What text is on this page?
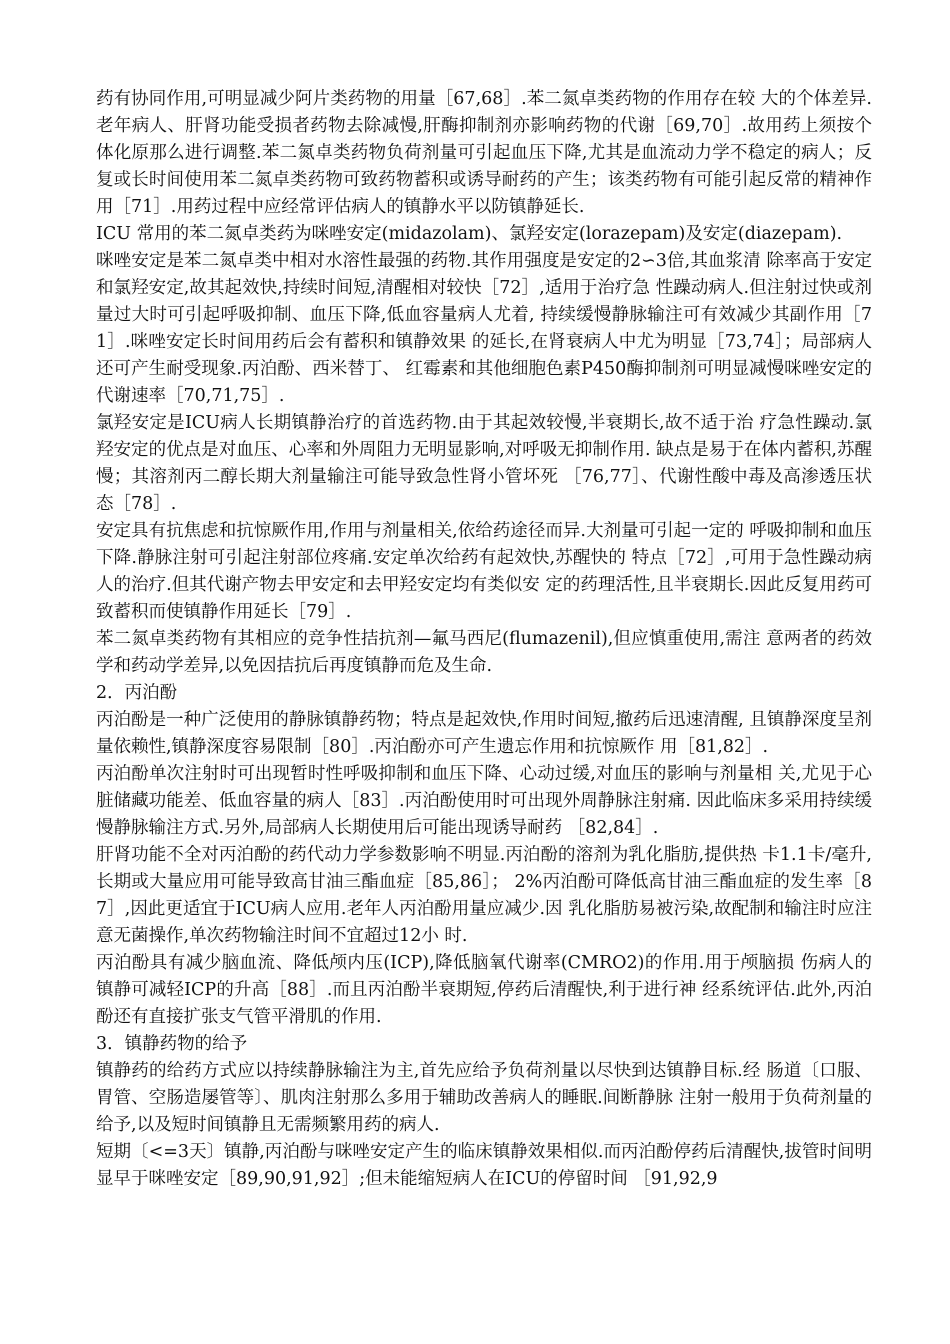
药有协同作用,可明显减少阿片类药物的用量［67,68］.苯二氮卓类药物的作用存在较 大的个体差异.老年病人、肝肾功能受损者药物去除减慢,肝酶抑制剂亦影响药物的代谢［69,70］.故用药上须按个体化原那么进行调整.苯二氮卓类药物负荷剂量可引起血压下降,尤其是血流动力学不稳定的病人；反复或长时间使用苯二氮卓类药物可致药物蓄积或诱导耐药的产生；该类药物有可能引起反常的精神作用［71］.用药过程中应经常评估病人的镇静水平以防镇静延长.

ICU 常用的苯二氮卓类药为咪唑安定(midazolam)、氯羟安定(lorazepam)及安定(diazepam).

咪唑安定是苯二氮卓类中相对水溶性最强的药物.其作用强度是安定的2∽3倍,其血浆清 除率高于安定和氯羟安定,故其起效快,持续时间短,清醒相对较快［72］,适用于治疗急 性躁动病人.但注射过快或剂量过大时可引起呼吸抑制、血压下降,低血容量病人尤着, 持续缓慢静脉输注可有效减少其副作用［71］.咪唑安定长时间用药后会有蓄积和镇静效果 的延长,在肾衰病人中尤为明显［73,74］；局部病人还可产生耐受现象.丙泊酚、西米替丁、 红霉素和其他细胞色素P450酶抑制剂可明显减慢咪唑安定的代谢速率［70,71,75］.

氯羟安定是ICU病人长期镇静治疗的首选药物.由于其起效较慢,半衰期长,故不适于治 疗急性躁动.氯羟安定的优点是对血压、心率和外周阻力无明显影响,对呼吸无抑制作用. 缺点是易于在体内蓄积,苏醒慢；其溶剂丙二醇长期大剂量输注可能导致急性肾小管坏死 ［76,77］、代谢性酸中毒及高渗透压状态［78］.

安定具有抗焦虑和抗惊厥作用,作用与剂量相关,依给药途径而异.大剂量可引起一定的 呼吸抑制和血压下降.静脉注射可引起注射部位疼痛.安定单次给药有起效快,苏醒快的 特点［72］,可用于急性躁动病人的治疗.但其代谢产物去甲安定和去甲羟安定均有类似安 定的药理活性,且半衰期长.因此反复用药可致蓄积而使镇静作用延长［79］.

苯二氮卓类药物有其相应的竞争性拮抗剂—氟马西尼(flumazenil),但应慎重使用,需注 意两者的药效学和药动学差异,以免因拮抗后再度镇静而危及生命.

2．丙泊酚

丙泊酚是一种广泛使用的静脉镇静药物；特点是起效快,作用时间短,撤药后迅速清醒, 且镇静深度呈剂量依赖性,镇静深度容易限制［80］.丙泊酚亦可产生遗忘作用和抗惊厥作 用［81,82］.

丙泊酚单次注射时可出现暂时性呼吸抑制和血压下降、心动过缓,对血压的影响与剂量相 关,尤见于心脏储藏功能差、低血容量的病人［83］.丙泊酚使用时可出现外周静脉注射痛. 因此临床多采用持续缓慢静脉输注方式.另外,局部病人长期使用后可能出现诱导耐药 ［82,84］.

肝肾功能不全对丙泊酚的药代动力学参数影响不明显.丙泊酚的溶剂为乳化脂肪,提供热 卡1.1卡/毫升,长期或大量应用可能导致高甘油三酯血症［85,86］； 2%丙泊酚可降低高甘油三酯血症的发生率［87］,因此更适宜于ICU病人应用.老年人丙泊酚用量应减少.因 乳化脂肪易被污染,故配制和输注时应注意无菌操作,单次药物输注时间不宜超过12小 时.

丙泊酚具有减少脑血流、降低颅内压(ICP),降低脑氧代谢率(CMRO2)的作用.用于颅脑损 伤病人的镇静可减轻ICP的升高［88］.而且丙泊酚半衰期短,停药后清醒快,利于进行神 经系统评估.此外,丙泊酚还有直接扩张支气管平滑肌的作用.

3．镇静药物的给予

镇静药的给药方式应以持续静脉输注为主,首先应给予负荷剂量以尽快到达镇静目标.经 肠道〔口服、胃管、空肠造屡管等〕、肌肉注射那么多用于辅助改善病人的睡眠.间断静脉 注射一般用于负荷剂量的给予,以及短时间镇静且无需频繁用药的病人.

短期〔<=3天〕镇静,丙泊酚与咪唑安定产生的临床镇静效果相似.而丙泊酚停药后清醒快,拔管时间明显早于咪唑安定［89,90,91,92］;但未能缩短病人在ICU的停留时间 ［91,92,9
